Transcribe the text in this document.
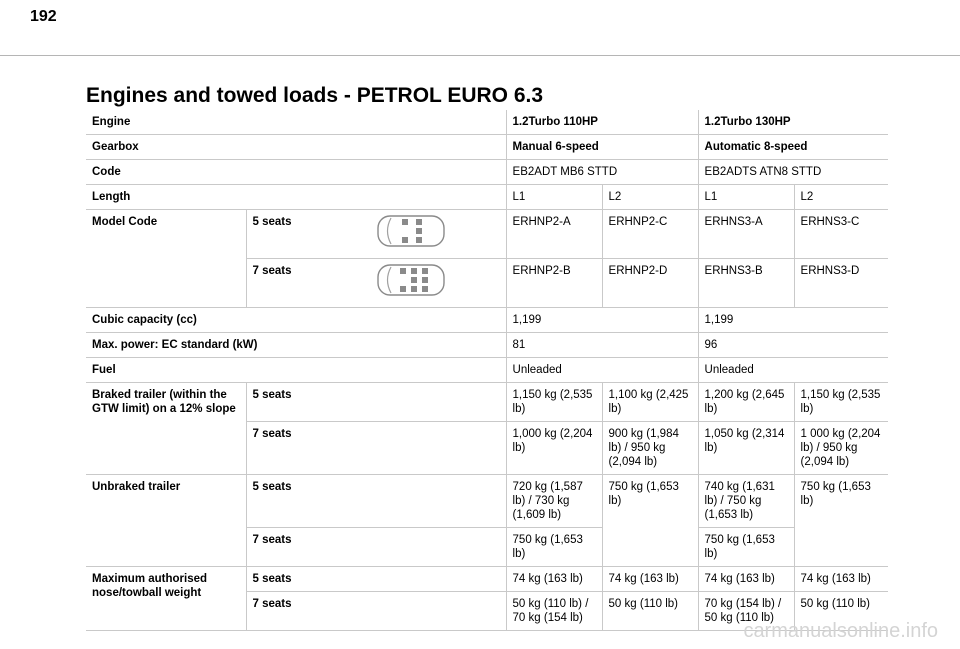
192
Engines and towed loads - PETROL EURO 6.3
Engine			1.2Turbo 110HP		1.2Turbo 130HP	
Gearbox			Manual 6-speed		Automatic 8-speed	
Code			EB2ADT MB6 STTD		EB2ADTS ATN8 STTD	
Length			L1	L2	L1	L2
Model Code	5 seats		ERHNP2-A	ERHNP2-C	ERHNS3-A	ERHNS3-C
	7 seats		ERHNP2-B	ERHNP2-D	ERHNS3-B	ERHNS3-D
Cubic capacity (cc)			1,199		1,199	
Max. power: EC standard (kW)			81		96	
Fuel			Unleaded		Unleaded	
Braked trailer (within the GTW limit) on a 12% slope	5 seats		1,150 kg (2,535 lb)	1,100 kg (2,425 lb)	1,200 kg (2,645 lb)	1,150 kg (2,535 lb)
	7 seats		1,000 kg (2,204 lb)	900 kg (1,984 lb) / 950 kg (2,094 lb)	1,050 kg (2,314 lb)	1 000 kg (2,204 lb) / 950 kg (2,094 lb)
Unbraked trailer	5 seats		720 kg (1,587 lb) / 730 kg (1,609 lb)	750 kg (1,653 lb)	740 kg (1,631 lb) / 750 kg (1,653 lb)	750 kg (1,653 lb)
	7 seats		750 kg (1,653 lb)		750 kg (1,653 lb)	
Maximum authorised nose/towball weight	5 seats		74 kg (163 lb)	74 kg (163 lb)	74 kg (163 lb)	74 kg (163 lb)
	7 seats		50 kg (110 lb) / 70 kg (154 lb)	50 kg (110 lb)	70 kg (154 lb) / 50 kg (110 lb)	50 kg (110 lb)
carmanualsonline.info
